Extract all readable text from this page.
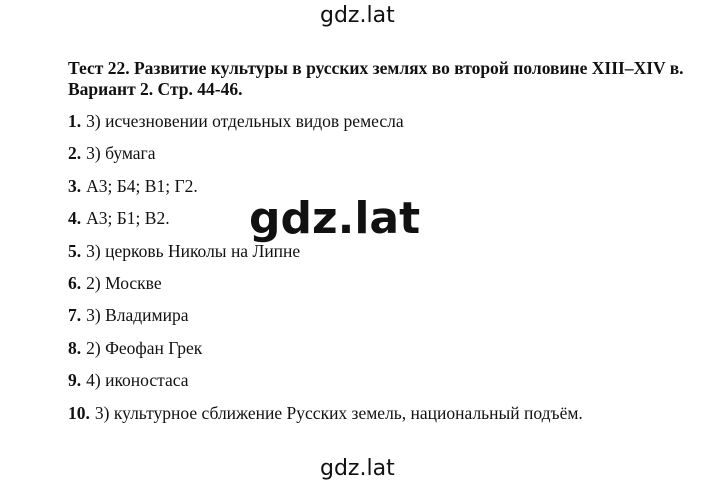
gdz.lat
Тест 22. Развитие культуры в русских землях во второй половине XIII–XIV в. Вариант 2. Стр. 44-46.
1. 3) исчезновении отдельных видов ремесла
2. 3) бумага
3. А3; Б4; В1; Г2.
4. А3; Б1; В2.
5. 3) церковь Николы на Липне
6. 2) Москве
7. 3) Владимира
8. 2) Феофан Грек
9. 4) иконостаса
10. 3) культурное сближение Русских земель, национальный подъём.
gdz.lat
gdz.lat
